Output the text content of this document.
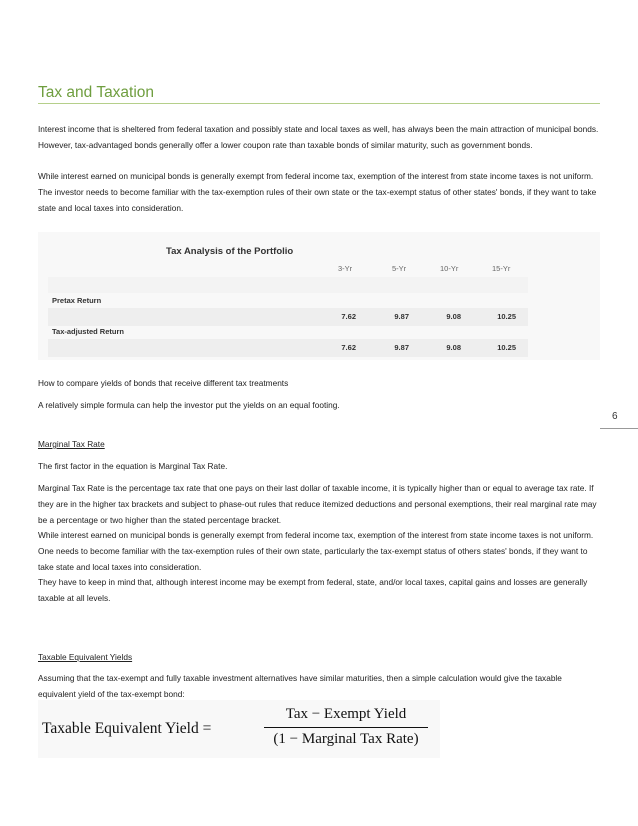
Tax and Taxation
Interest income that is sheltered from federal taxation and possibly state and local taxes as well, has always been the main attraction of municipal bonds. However, tax-advantaged bonds generally offer a lower coupon rate than taxable bonds of similar maturity, such as government bonds.
While interest earned on municipal bonds is generally exempt from federal income tax, exemption of the interest from state income taxes is not uniform. The investor needs to become familiar with the tax-exemption rules of their own state or the tax-exempt status of other states' bonds, if they want to take state and local taxes into consideration.
Tax Analysis of the Portfolio
3-Yr	5-Yr	10-Yr	15-Yr
Pretax Return
7.62	9.87	9.08	10.25
Tax-adjusted Return
7.62	9.87	9.08	10.25
How to compare yields of bonds that receive different tax treatments
A relatively simple formula can help the investor put the yields on an equal footing.
6
Marginal Tax Rate
The first factor in the equation is Marginal Tax Rate.
Marginal Tax Rate is the percentage tax rate that one pays on their last dollar of taxable income, it is typically higher than or equal to average tax rate. If they are in the higher tax brackets and subject to phase-out rules that reduce itemized deductions and personal exemptions, their real marginal rate may be a percentage or two higher than the stated percentage bracket.
While interest earned on municipal bonds is generally exempt from federal income tax, exemption of the interest from state income taxes is not uniform. One needs to become familiar with the tax-exemption rules of their own state, particularly the tax-exempt status of others states' bonds, if they want to take state and local taxes into consideration.
They have to keep in mind that, although interest income may be exempt from federal, state, and/or local taxes, capital gains and losses are generally taxable at all levels.
Taxable Equivalent Yields
Assuming that the tax-exempt and fully taxable investment alternatives have similar maturities, then a simple calculation would give the taxable equivalent yield of the tax-exempt bond:
Taxable Equivalent Yield =
Tax − Exempt Yield
(1 − Marginal Tax Rate)
